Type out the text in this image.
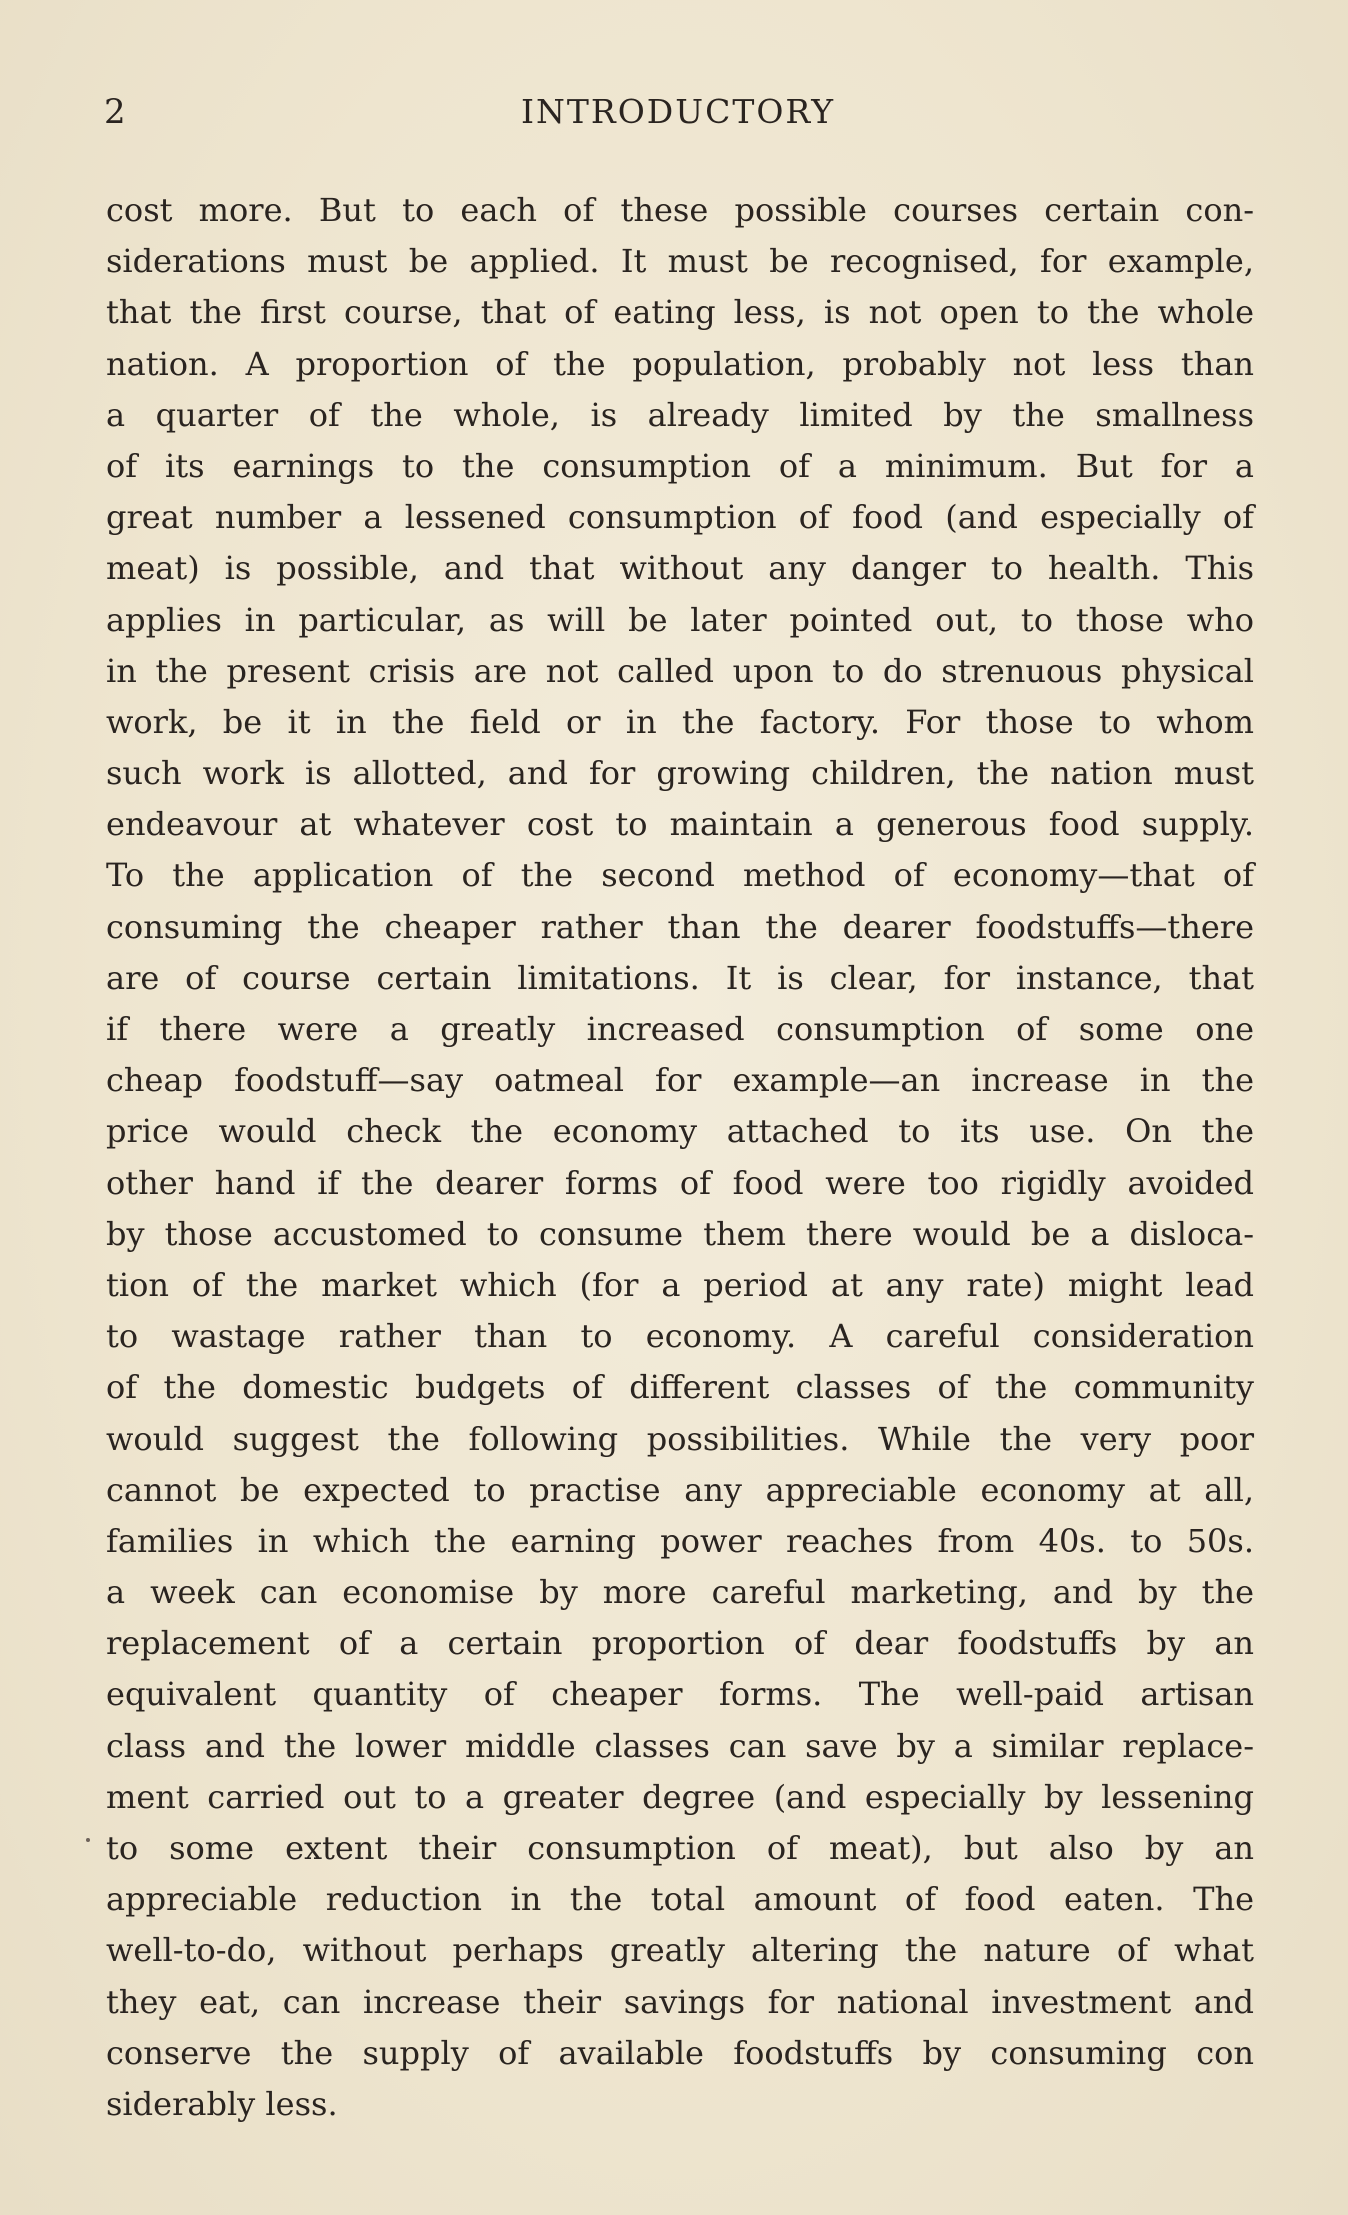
2	INTRODUCTORY
cost more. But to each of these possible courses certain con-
siderations must be applied. It must be recognised, for example,
that the first course, that of eating less, is not open to the whole
nation. A proportion of the population, probably not less than
a quarter of the whole, is already limited by the smallness
of its earnings to the consumption of a minimum. But for a
great number a lessened consumption of food (and especially of
meat) is possible, and that without any danger to health. This
applies in particular, as will be later pointed out, to those who
in the present crisis are not called upon to do strenuous physical
work, be it in the field or in the factory. For those to whom
such work is allotted, and for growing children, the nation must
endeavour at whatever cost to maintain a generous food supply.
To the application of the second method of economy—that of
consuming the cheaper rather than the dearer foodstuffs—there
are of course certain limitations. It is clear, for instance, that
if there were a greatly increased consumption of some one
cheap foodstuff—say oatmeal for example—an increase in the
price would check the economy attached to its use. On the
other hand if the dearer forms of food were too rigidly avoided
by those accustomed to consume them there would be a disloca-
tion of the market which (for a period at any rate) might lead
to wastage rather than to economy. A careful consideration
of the domestic budgets of different classes of the community
would suggest the following possibilities. While the very poor
cannot be expected to practise any appreciable economy at all,
families in which the earning power reaches from 40s. to 50s.
a week can economise by more careful marketing, and by the
replacement of a certain proportion of dear foodstuffs by an
equivalent quantity of cheaper forms. The well-paid artisan
class and the lower middle classes can save by a similar replace-
ment carried out to a greater degree (and especially by lessening
to some extent their consumption of meat), but also by an
appreciable reduction in the total amount of food eaten. The
well-to-do, without perhaps greatly altering the nature of what
they eat, can increase their savings for national investment and
conserve the supply of available foodstuffs by consuming con
siderably less.
